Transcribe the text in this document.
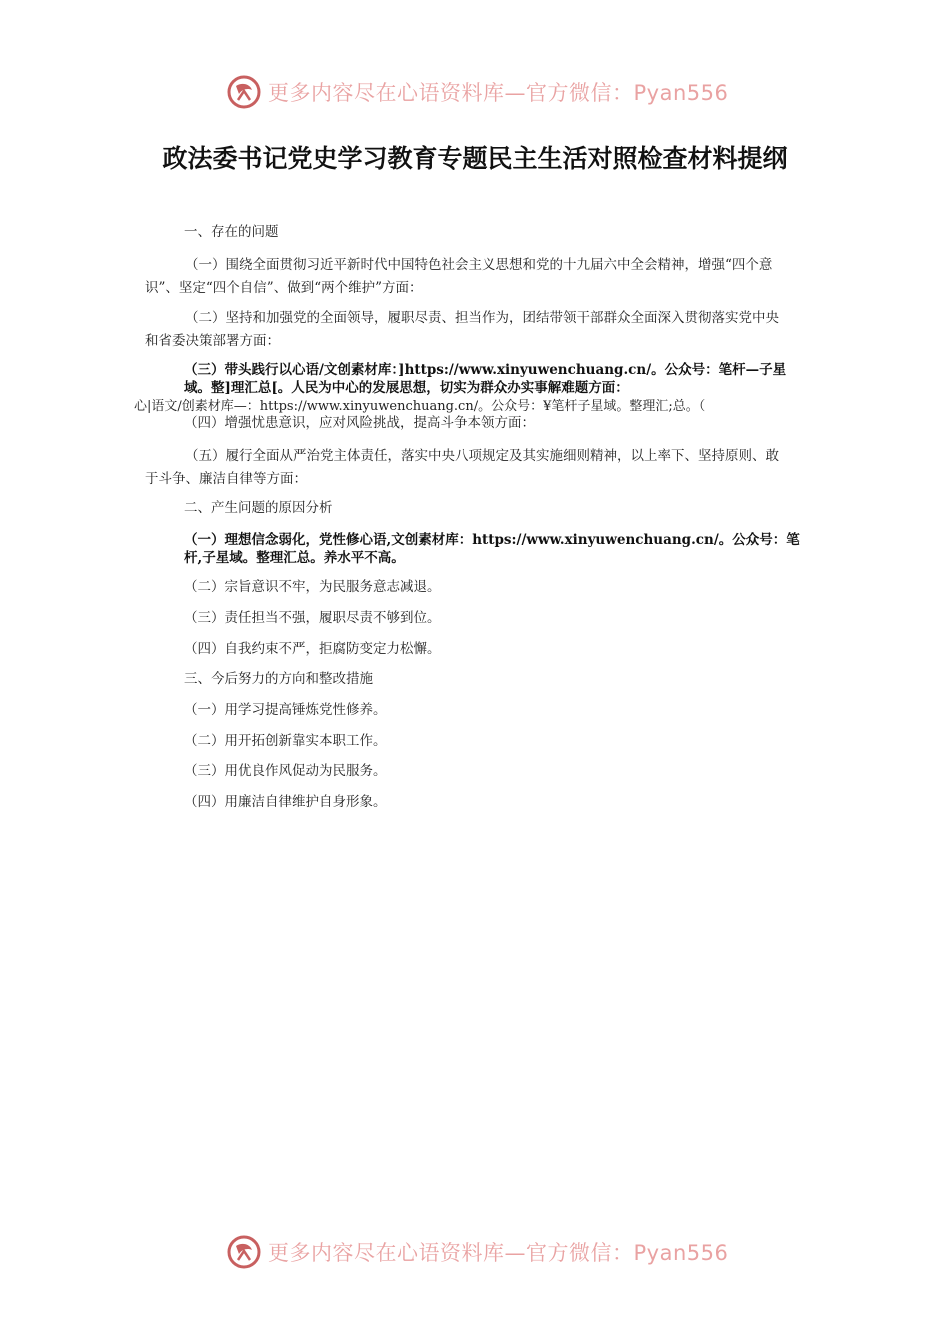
更多内容尽在心语资料库—官方微信：Pyan556
政法委书记党史学习教育专题民主生活对照检查材料提纲
一、存在的问题
（一）围绕全面贯彻习近平新时代中国特色社会主义思想和党的十九届六中全会精神，增强“四个意识”、坚定“四个自信”、做到“两个维护”方面：
（二）坚持和加强党的全面领导，履职尽责、担当作为，团结带领干部群众全面深入贯彻落实党中央和省委决策部署方面：
（三）带头践行以心语/文创素材库：]https://www.xinyuwenchuang.cn/。公众号：笔杆—子星域。整]理汇总[。人民为中心的发展思想，切实为群众办实事解难题方面：
心|语文/创素材库—：https://www.xinyuwenchuang.cn/。公众号：¥笔杆子星域。整理汇;总。（
（四）增强忧患意识，应对风险挑战，提高斗争本领方面：
（五）履行全面从严治党主体责任，落实中央八项规定及其实施细则精神，以上率下、坚持原则、敢于斗争、廉洁自律等方面：
二、产生问题的原因分析
（一）理想信念弱化，党性修心语,文创素材库：https://www.xinyuwenchuang.cn/。公众号：笔杆,子星域。整理汇总。养水平不高。
（二）宗旨意识不牢，为民服务意志减退。
（三）责任担当不强，履职尽责不够到位。
（四）自我约束不严，拒腐防变定力松懈。
三、今后努力的方向和整改措施
（一）用学习提高锤炼党性修养。
（二）用开拓创新靠实本职工作。
（三）用优良作风促动为民服务。
（四）用廉洁自律维护自身形象。
更多内容尽在心语资料库—官方微信：Pyan556
